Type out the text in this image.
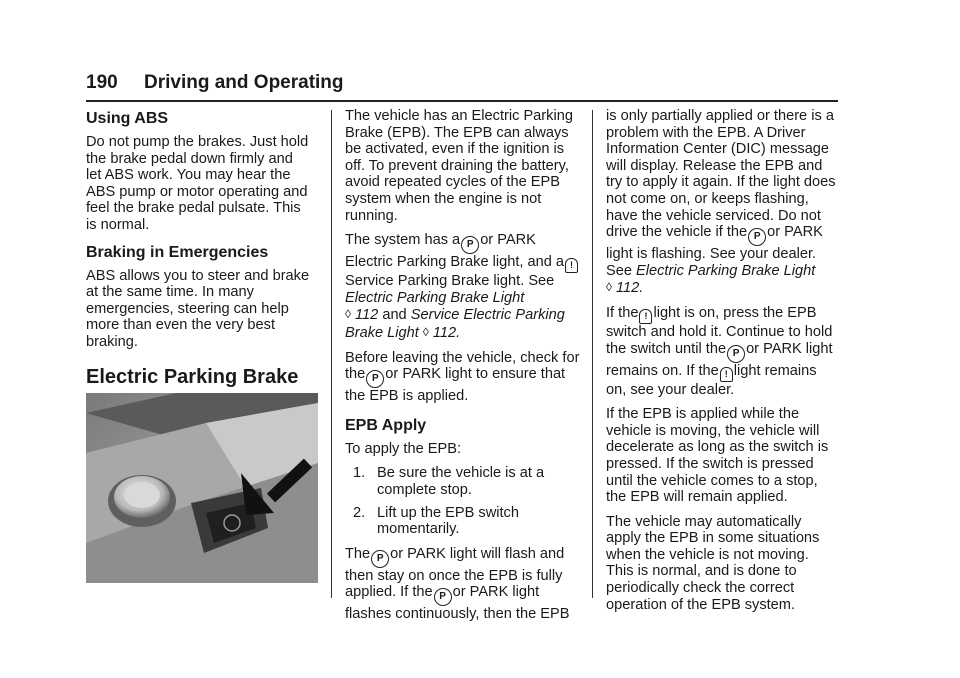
190 Driving and Operating
Using ABS

Do not pump the brakes. Just hold the brake pedal down firmly and let ABS work. You may hear the ABS pump or motor operating and feel the brake pedal pulsate. This is normal.

Braking in Emergencies

ABS allows you to steer and brake at the same time. In many emergencies, steering can help more than even the very best braking.

Electric Parking Brake

The vehicle has an Electric Parking Brake (EPB). The EPB can always be activated, even if the ignition is off. To prevent draining the battery, avoid repeated cycles of the EPB system when the engine is not running.

The system has a P or PARK Electric Parking Brake light, and a ! Service Parking Brake light. See Electric Parking Brake Light
◊ 112 and Service Electric Parking Brake Light ◊ 112.

Before leaving the vehicle, check for the P or PARK light to ensure that the EPB is applied.

EPB Apply

To apply the EPB:

1. Be sure the vehicle is at a complete stop.
2. Lift up the EPB switch momentarily.

The P or PARK light will flash and then stay on once the EPB is fully applied. If the P or PARK light flashes continuously, then the EPB

is only partially applied or there is a problem with the EPB. A Driver Information Center (DIC) message will display. Release the EPB and try to apply it again. If the light does not come on, or keeps flashing, have the vehicle serviced. Do not drive the vehicle if the P or PARK light is flashing. See your dealer. See Electric Parking Brake Light
◊ 112.

If the ! light is on, press the EPB switch and hold it. Continue to hold the switch until the P or PARK light remains on. If the ! light remains on, see your dealer.

If the EPB is applied while the vehicle is moving, the vehicle will decelerate as long as the switch is pressed. If the switch is pressed until the vehicle comes to a stop, the EPB will remain applied.

The vehicle may automatically apply the EPB in some situations when the vehicle is not moving. This is normal, and is done to periodically check the correct operation of the EPB system.
